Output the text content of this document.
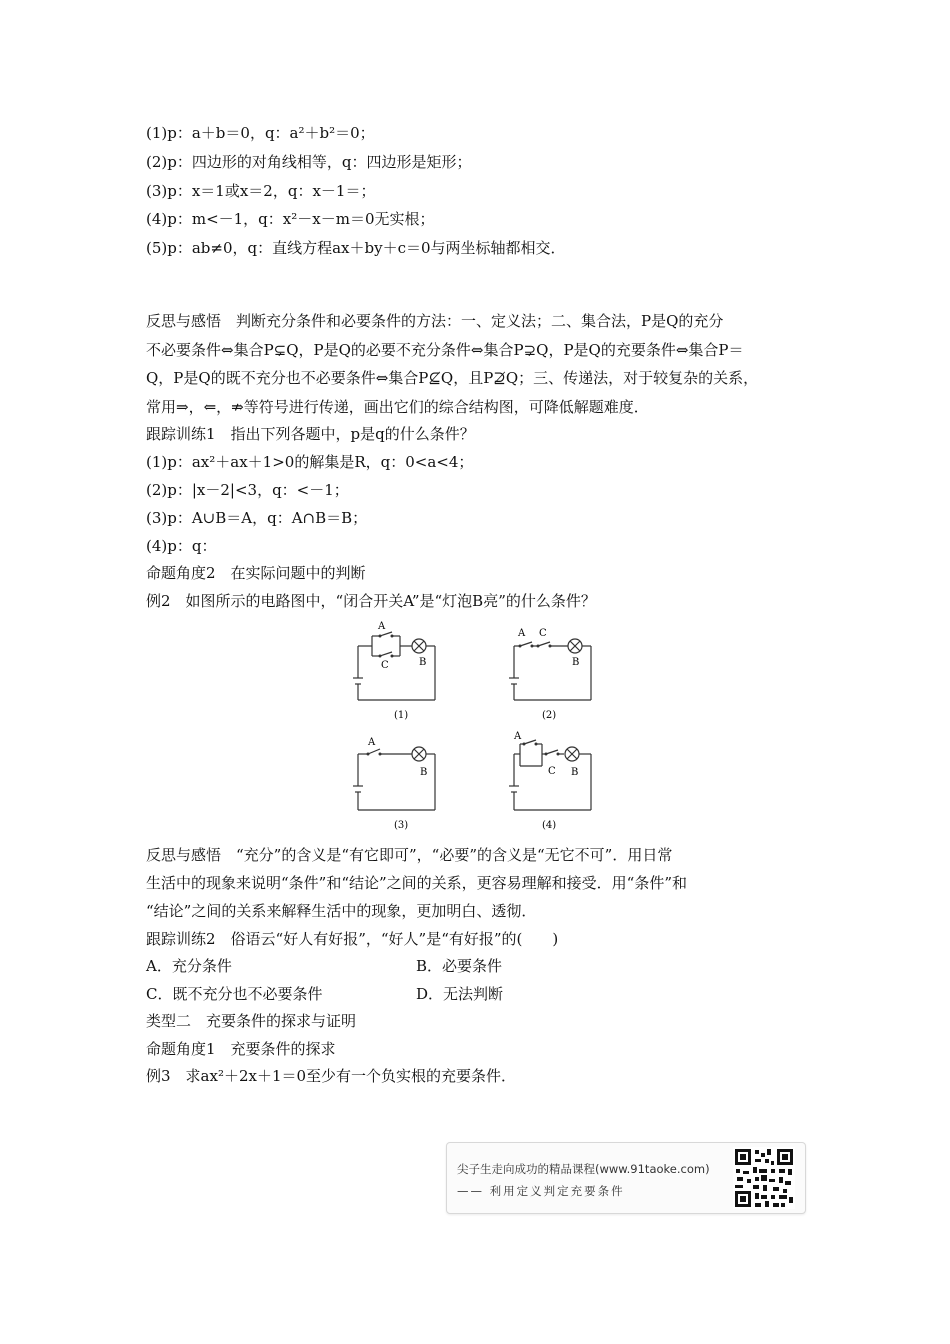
(1)p：a＋b＝0，q：a²＋b²＝0；
(2)p：四边形的对角线相等，q：四边形是矩形；
(3)p：x＝1或x＝2，q：x－1＝；
(4)p：m<－1，q：x²－x－m＝0无实根；
(5)p：ab≠0，q：直线方程ax＋by＋c＝0与两坐标轴都相交．
反思与感悟　判断充分条件和必要条件的方法：一、定义法；二、集合法，P是Q的充分
不必要条件⇔集合P⊊Q，P是Q的必要不充分条件⇔集合P⊋Q，P是Q的充要条件⇔集合P＝
Q，P是Q的既不充分也不必要条件⇔集合P⊈Q，且P⊉Q；三、传递法，对于较复杂的关系，
常用⇒，⇐，⇏等符号进行传递，画出它们的综合结构图，可降低解题难度．
跟踪训练1　指出下列各题中，p是q的什么条件？
(1)p：ax²＋ax＋1>0的解集是R，q：0<a<4；
(2)p：|x－2|<3，q：<－1；
(3)p：A∪B＝A，q：A∩B＝B；
(4)p：q：
命题角度2　在实际问题中的判断
例2　如图所示的电路图中，“闭合开关A”是“灯泡B亮”的什么条件？
A
C	B
(1)
A C
B
(2)
A
B
(3)
A
C B
(4)
反思与感悟　“充分”的含义是“有它即可”，“必要”的含义是“无它不可”．用日常
生活中的现象来说明“条件”和“结论”之间的关系，更容易理解和接受．用“条件”和
“结论”之间的关系来解释生活中的现象，更加明白、透彻．
跟踪训练2　俗语云“好人有好报”，“好人”是“有好报”的(　　)
A．充分条件	B．必要条件
C．既不充分也不必要条件	D．无法判断
类型二　充要条件的探求与证明
命题角度1　充要条件的探求
例3　求ax²＋2x＋1＝0至少有一个负实根的充要条件．
尖子生走向成功的精品课程(www.91taoke.com)
—— 利用定义判定充要条件
